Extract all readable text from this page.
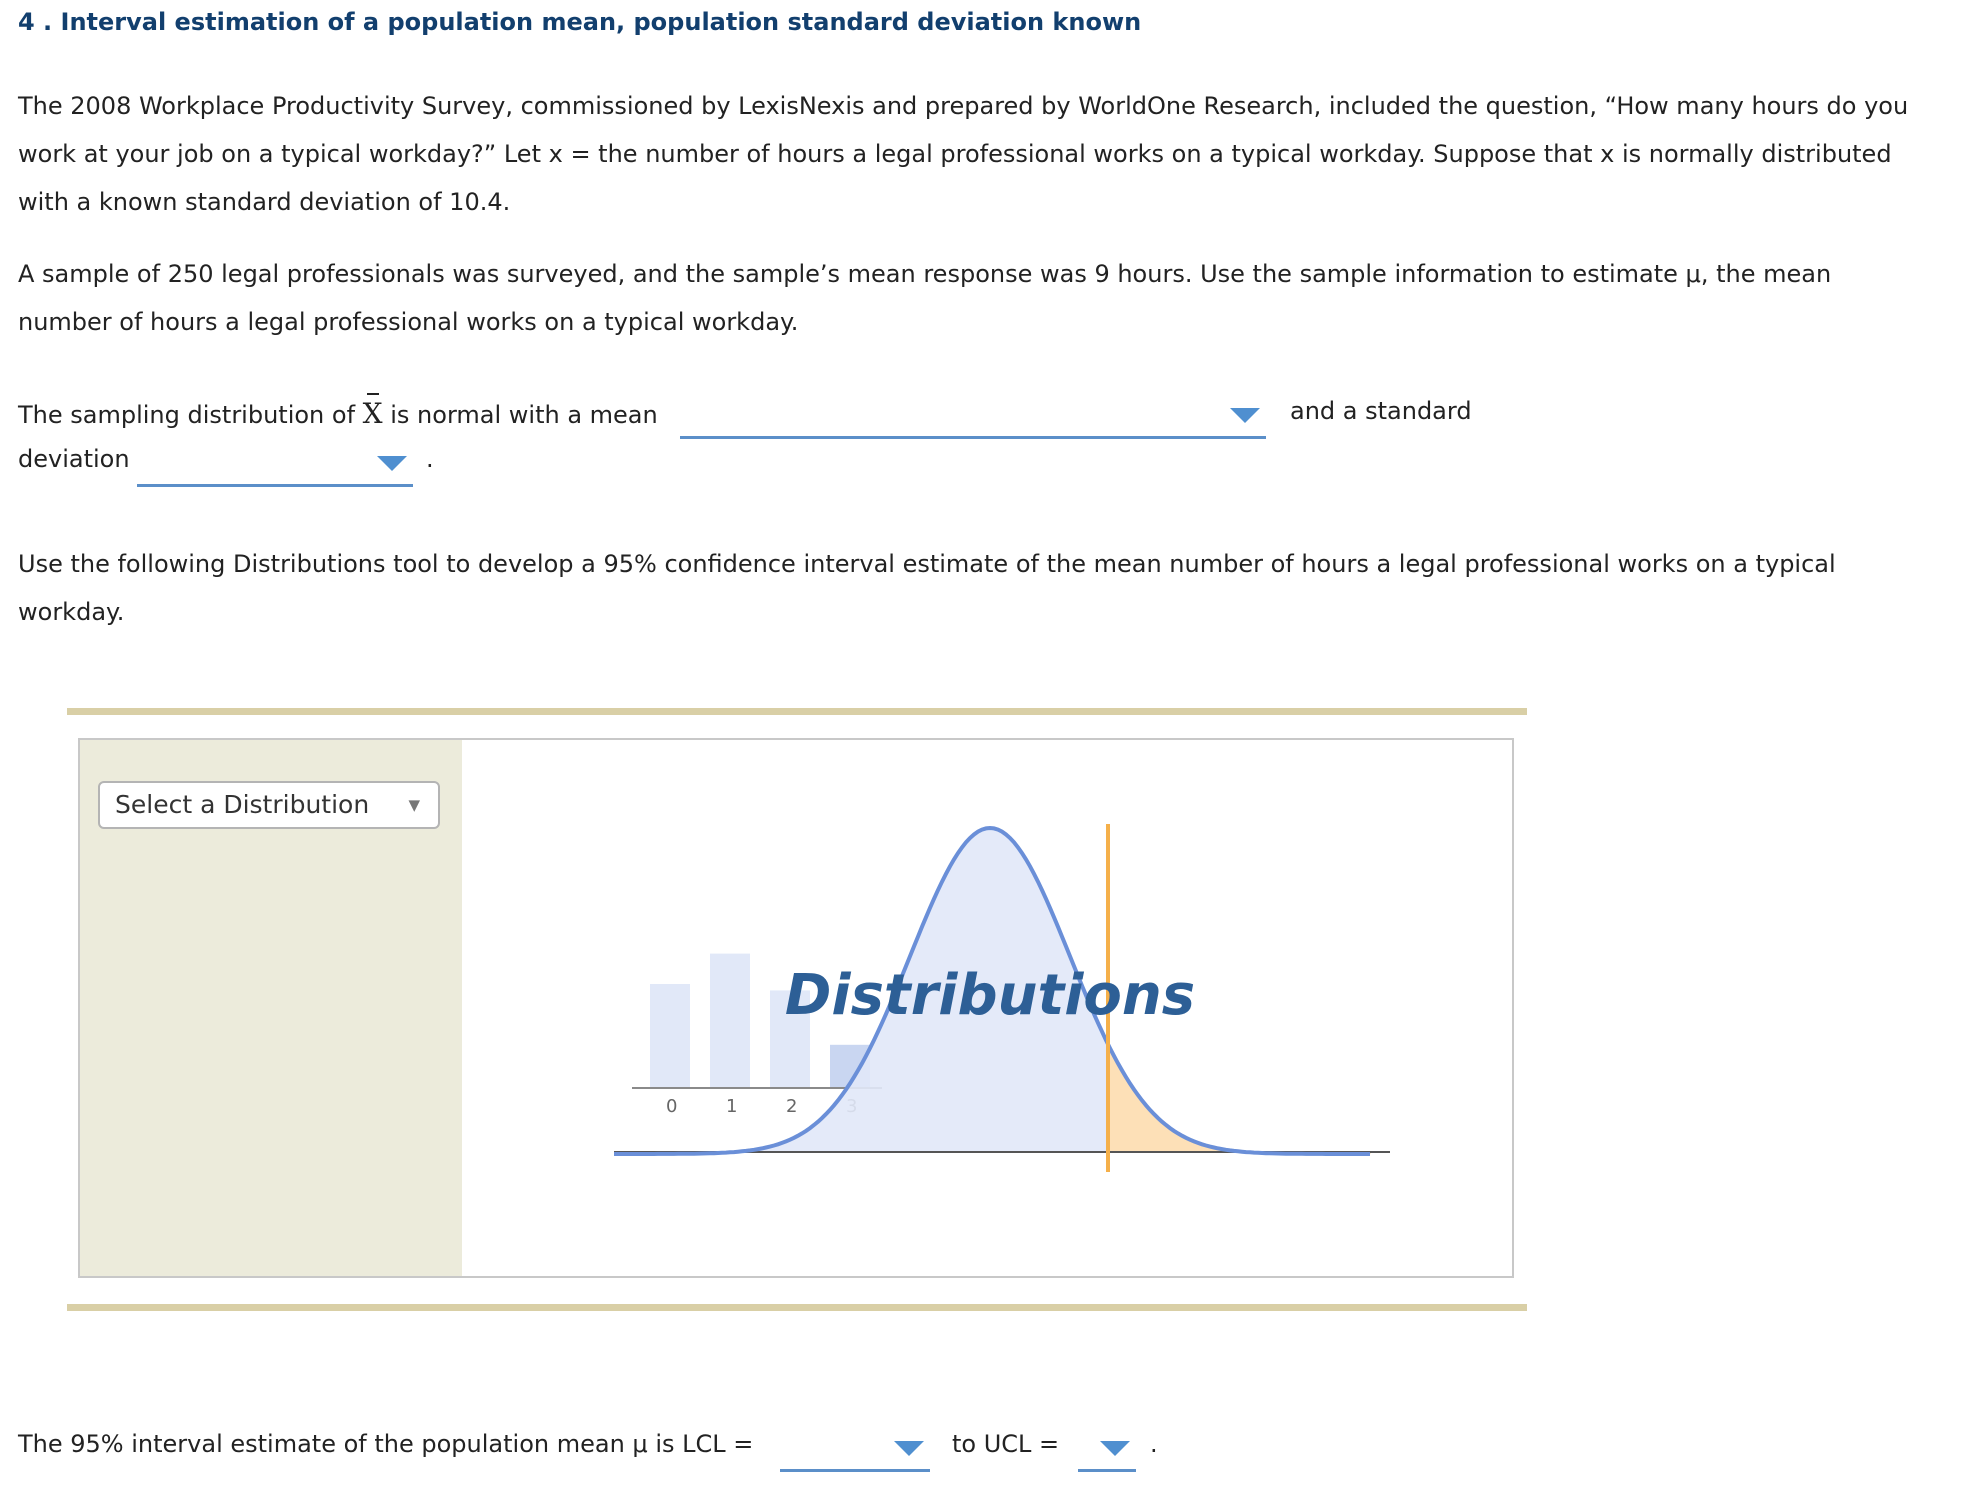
4 . Interval estimation of a population mean, population standard deviation known

The 2008 Workplace Productivity Survey, commissioned by LexisNexis and prepared by WorldOne Research, included the question, “How many hours do you work at your job on a typical workday?” Let x = the number of hours a legal professional works on a typical workday. Suppose that x is normally distributed with a known standard deviation of 10.4.

A sample of 250 legal professionals was surveyed, and the sample’s mean response was 9 hours. Use the sample information to estimate μ, the mean number of hours a legal professional works on a typical workday.

The sampling distribution of X is normal with a mean	and a standard
deviation	.

Use the following Distributions tool to develop a 95% confidence interval estimate of the mean number of hours a legal professional works on a typical workday.

Select a Distribution	▼
0	1	2
Distributions
The 95% interval estimate of the population mean μ is LCL =	to UCL =	.
